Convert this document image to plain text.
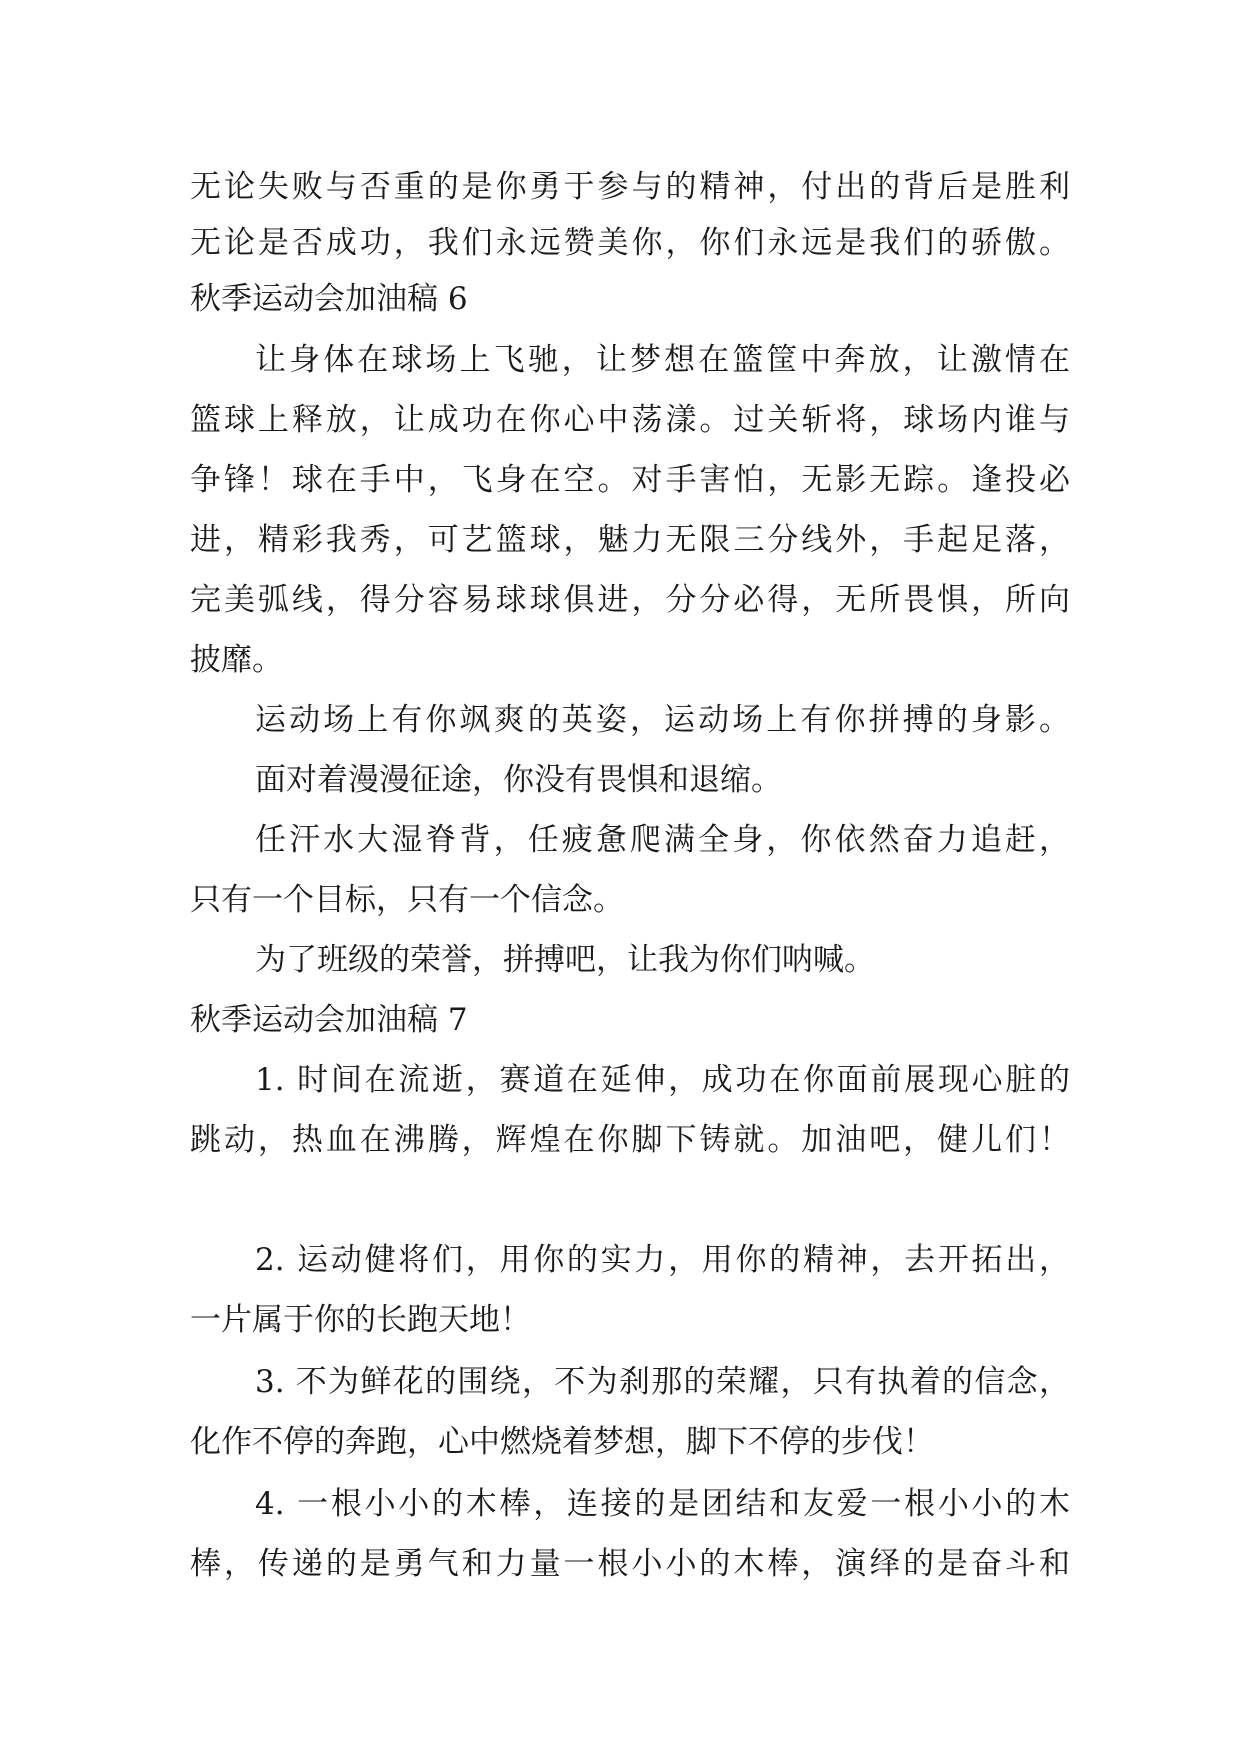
无论失败与否重的是你勇于参与的精神，付出的背后是胜利
无论是否成功，我们永远赞美你，你们永远是我们的骄傲。
秋季运动会加油稿 6
让身体在球场上飞驰，让梦想在篮筐中奔放，让激情在
篮球上释放，让成功在你心中荡漾。过关斩将，球场内谁与
争锋！球在手中，飞身在空。对手害怕，无影无踪。逢投必
进，精彩我秀，可艺篮球，魅力无限三分线外，手起足落，
完美弧线，得分容易球球俱进，分分必得，无所畏惧，所向
披靡。
运动场上有你飒爽的英姿，运动场上有你拼搏的身影。
面对着漫漫征途，你没有畏惧和退缩。
任汗水大湿脊背，任疲惫爬满全身，你依然奋力追赶，
只有一个目标，只有一个信念。
为了班级的荣誉，拼搏吧，让我为你们呐喊。
秋季运动会加油稿 7
1. 时间在流逝，赛道在延伸，成功在你面前展现心脏的
跳动，热血在沸腾，辉煌在你脚下铸就。加油吧，健儿们！
2. 运动健将们，用你的实力，用你的精神，去开拓出，
一片属于你的长跑天地！
3. 不为鲜花的围绕，不为刹那的荣耀，只有执着的信念，
化作不停的奔跑，心中燃烧着梦想，脚下不停的步伐！
4. 一根小小的木棒，连接的是团结和友爱一根小小的木
棒，传递的是勇气和力量一根小小的木棒，演绎的是奋斗和
